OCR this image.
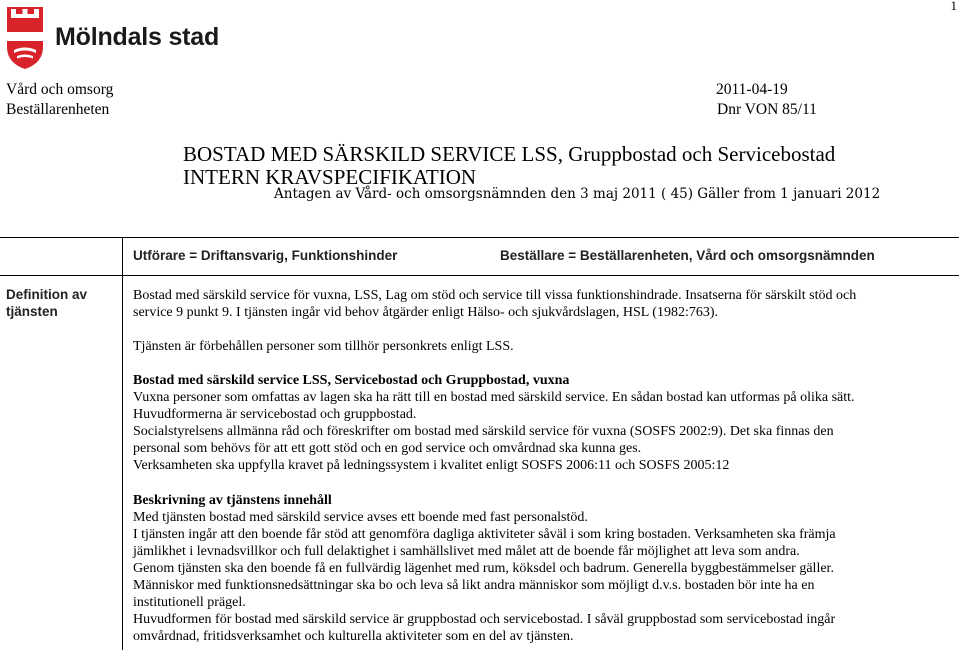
1
Mölndals stad
Vård och omsorg
Beställarenheten
2011-04-19
Dnr VON 85/11
BOSTAD MED SÄRSKILD SERVICE LSS, Gruppbostad och Servicebostad
INTERN KRAVSPECIFIKATION
Antagen av Vård- och omsorgsnämnden den 3 maj 2011 ( 45) Gäller from 1 januari 2012
Utförare = Driftansvarig, Funktionshinder	Beställare = Beställarenheten, Vård och omsorgsnämnden
Definition av
tjänsten
Bostad med särskild service för vuxna, LSS, Lag om stöd och service till vissa funktionshindrade. Insatserna för särskilt stöd och
service 9 punkt 9. I tjänsten ingår vid behov åtgärder enligt Hälso- och sjukvårdslagen, HSL (1982:763).
Tjänsten är förbehållen personer som tillhör personkrets enligt LSS.
Bostad med särskild service LSS, Servicebostad och Gruppbostad, vuxna
Vuxna personer som omfattas av lagen ska ha rätt till en bostad med särskild service. En sådan bostad kan utformas på olika sätt.
Huvudformerna är servicebostad och gruppbostad.
Socialstyrelsens allmänna råd och föreskrifter om bostad med särskild service för vuxna (SOSFS 2002:9). Det ska finnas den
personal som behövs för att ett gott stöd och en god service och omvårdnad ska kunna ges.
Verksamheten ska uppfylla kravet på ledningssystem i kvalitet enligt SOSFS 2006:11 och SOSFS 2005:12
Beskrivning av tjänstens innehåll
Med tjänsten bostad med särskild service avses ett boende med fast personalstöd.
I tjänsten ingår att den boende får stöd att genomföra dagliga aktiviteter såväl i som kring bostaden. Verksamheten ska främja
jämlikhet i levnadsvillkor och full delaktighet i samhällslivet med målet att de boende får möjlighet att leva som andra.
Genom tjänsten ska den boende få en fullvärdig lägenhet med rum, köksdel och badrum. Generella byggbestämmelser gäller.
Människor med funktionsnedsättningar ska bo och leva så likt andra människor som möjligt d.v.s. bostaden bör inte ha en
institutionell prägel.
Huvudformen för bostad med särskild service är gruppbostad och servicebostad. I såväl gruppbostad som servicebostad ingår
omvårdnad, fritidsverksamhet och kulturella aktiviteter som en del av tjänsten.
